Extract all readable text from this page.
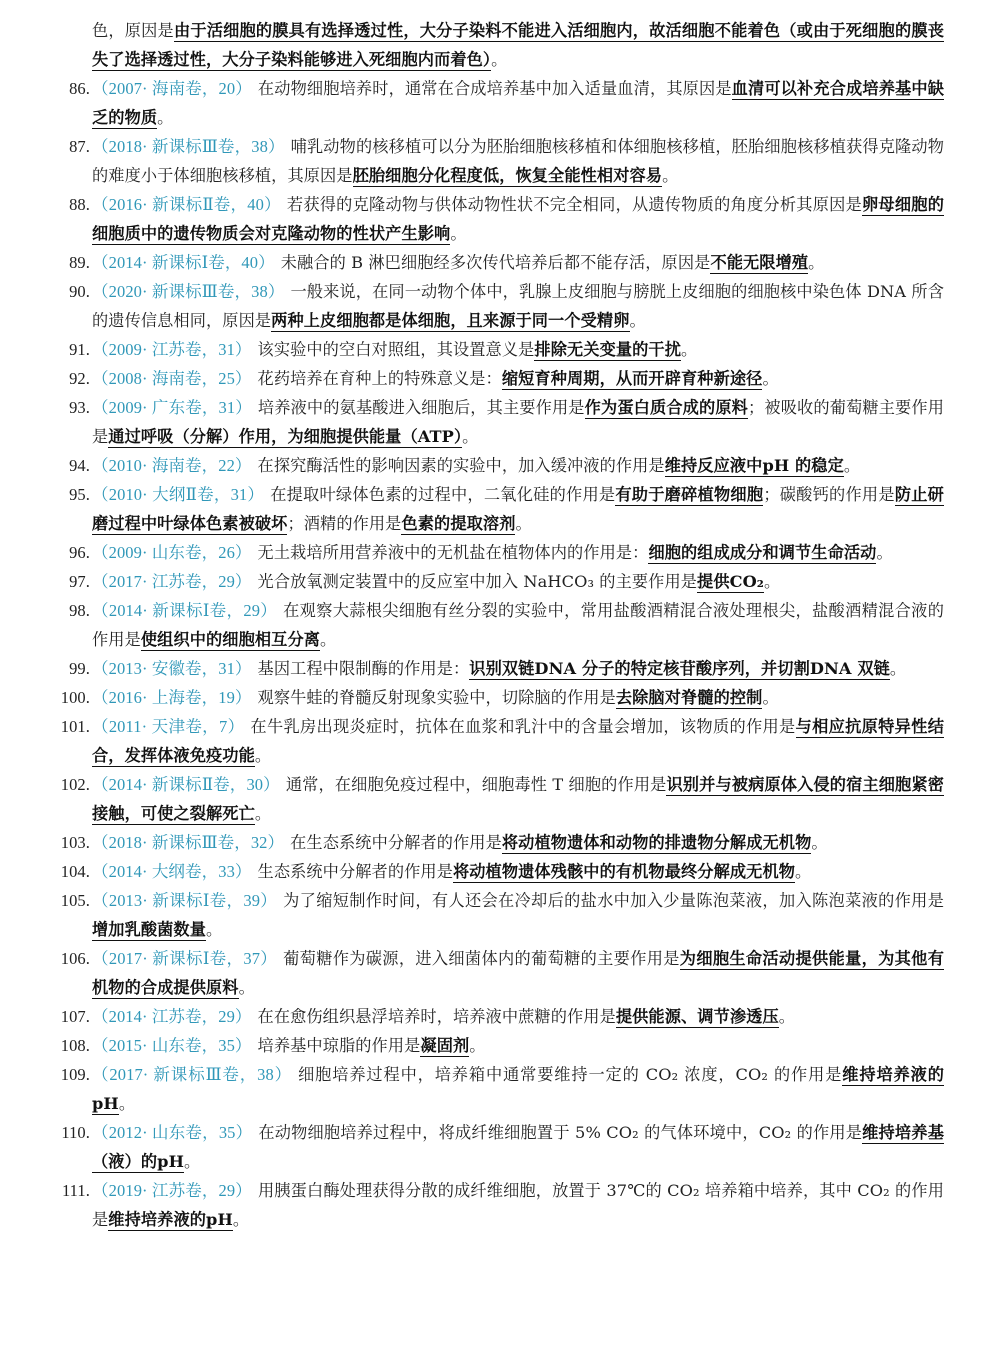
色，原因是由于活细胞的膜具有选择透过性，大分子染料不能进入活细胞内，故活细胞不能着色（或由于死细胞的膜丧失了选择透过性，大分子染料能够进入死细胞内而着色）。

86. （2007· 海南卷，20） 在动物细胞培养时，通常在合成培养基中加入适量血清，其原因是血清可以补充合成培养基中缺乏的物质。

87. （2018· 新课标Ⅲ卷，38） 哺乳动物的核移植可以分为胚胎细胞核移植和体细胞核移植，胚胎细胞核移植获得克隆动物的难度小于体细胞核移植，其原因是胚胎细胞分化程度低，恢复全能性相对容易。

88. （2016· 新课标Ⅱ卷，40） 若获得的克隆动物与供体动物性状不完全相同，从遗传物质的角度分析其原因是卵母细胞的细胞质中的遗传物质会对克隆动物的性状产生影响。

89. （2014· 新课标Ⅰ卷，40） 未融合的 B 淋巴细胞经多次传代培养后都不能存活，原因是不能无限增殖。

90. （2020· 新课标Ⅲ卷，38） 一般来说，在同一动物个体中，乳腺上皮细胞与膀胱上皮细胞的细胞核中染色体 DNA 所含的遗传信息相同，原因是两种上皮细胞都是体细胞，且来源于同一个受精卵。

91. （2009· 江苏卷，31） 该实验中的空白对照组，其设置意义是排除无关变量的干扰。

92. （2008· 海南卷，25） 花药培养在育种上的特殊意义是：缩短育种周期，从而开辟育种新途径。

93. （2009· 广东卷，31） 培养液中的氨基酸进入细胞后，其主要作用是作为蛋白质合成的原料；被吸收的葡萄糖主要作用是通过呼吸（分解）作用，为细胞提供能量（ATP）。

94. （2010· 海南卷，22） 在探究酶活性的影响因素的实验中，加入缓冲液的作用是维持反应液中pH 的稳定。

95. （2010· 大纲Ⅱ卷，31） 在提取叶绿体色素的过程中，二氧化硅的作用是有助于磨碎植物细胞；碳酸钙的作用是防止研磨过程中叶绿体色素被破坏；酒精的作用是色素的提取溶剂。

96. （2009· 山东卷，26） 无土栽培所用营养液中的无机盐在植物体内的作用是：细胞的组成成分和调节生命活动。

97. （2017· 江苏卷，29） 光合放氧测定装置中的反应室中加入 NaHCO₃ 的主要作用是提供CO₂。

98. （2014· 新课标Ⅰ卷，29） 在观察大蒜根尖细胞有丝分裂的实验中，常用盐酸酒精混合液处理根尖，盐酸酒精混合液的作用是使组织中的细胞相互分离。

99. （2013· 安徽卷，31） 基因工程中限制酶的作用是：识别双链DNA 分子的特定核苷酸序列，并切割DNA 双链。

100. （2016· 上海卷，19） 观察牛蛙的脊髓反射现象实验中，切除脑的作用是去除脑对脊髓的控制。

101. （2011· 天津卷，7） 在牛乳房出现炎症时，抗体在血浆和乳汁中的含量会增加，该物质的作用是与相应抗原特异性结合，发挥体液免疫功能。

102. （2014· 新课标Ⅱ卷，30） 通常，在细胞免疫过程中，细胞毒性 T 细胞的作用是识别并与被病原体入侵的宿主细胞紧密接触，可使之裂解死亡。

103. （2018· 新课标Ⅲ卷，32） 在生态系统中分解者的作用是将动植物遗体和动物的排遗物分解成无机物。

104. （2014· 大纲卷，33） 生态系统中分解者的作用是将动植物遗体残骸中的有机物最终分解成无机物。

105. （2013· 新课标Ⅰ卷，39） 为了缩短制作时间，有人还会在冷却后的盐水中加入少量陈泡菜液，加入陈泡菜液的作用是增加乳酸菌数量。

106. （2017· 新课标Ⅰ卷，37） 葡萄糖作为碳源，进入细菌体内的葡萄糖的主要作用是为细胞生命活动提供能量，为其他有机物的合成提供原料。

107. （2014· 江苏卷，29） 在在愈伤组织悬浮培养时，培养液中蔗糖的作用是提供能源、调节渗透压。

108. （2015· 山东卷，35） 培养基中琼脂的作用是凝固剂。

109. （2017· 新课标Ⅲ卷，38） 细胞培养过程中，培养箱中通常要维持一定的 CO₂ 浓度，CO₂ 的作用是维持培养液的pH。

110. （2012· 山东卷，35） 在动物细胞培养过程中，将成纤维细胞置于 5% CO₂ 的气体环境中，CO₂ 的作用是维持培养基（液）的pH。

111. （2019· 江苏卷，29） 用胰蛋白酶处理获得分散的成纤维细胞，放置于 37℃的 CO₂ 培养箱中培养，其中 CO₂ 的作用是维持培养液的pH。
